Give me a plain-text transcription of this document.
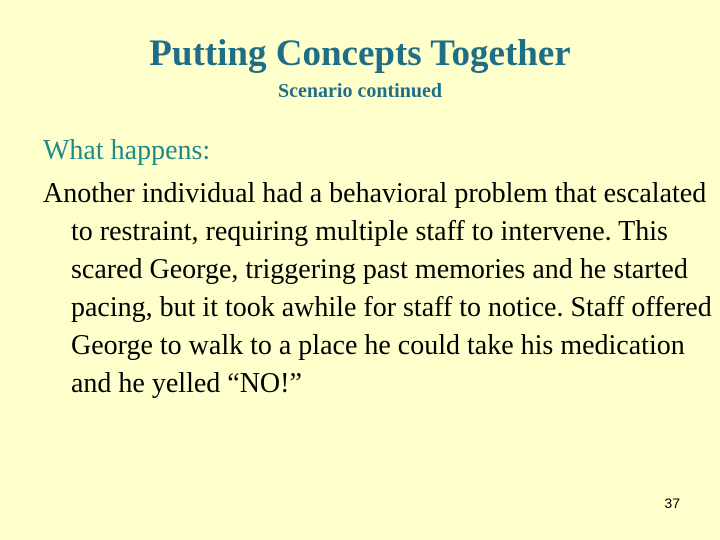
Putting Concepts Together
Scenario continued
What happens:
Another individual had a behavioral problem that escalated to restraint, requiring multiple staff to intervene. This scared George, triggering past memories and he started pacing, but it took awhile for staff to notice. Staff offered George to walk to a place he could take his medication and he yelled “NO!”
37
